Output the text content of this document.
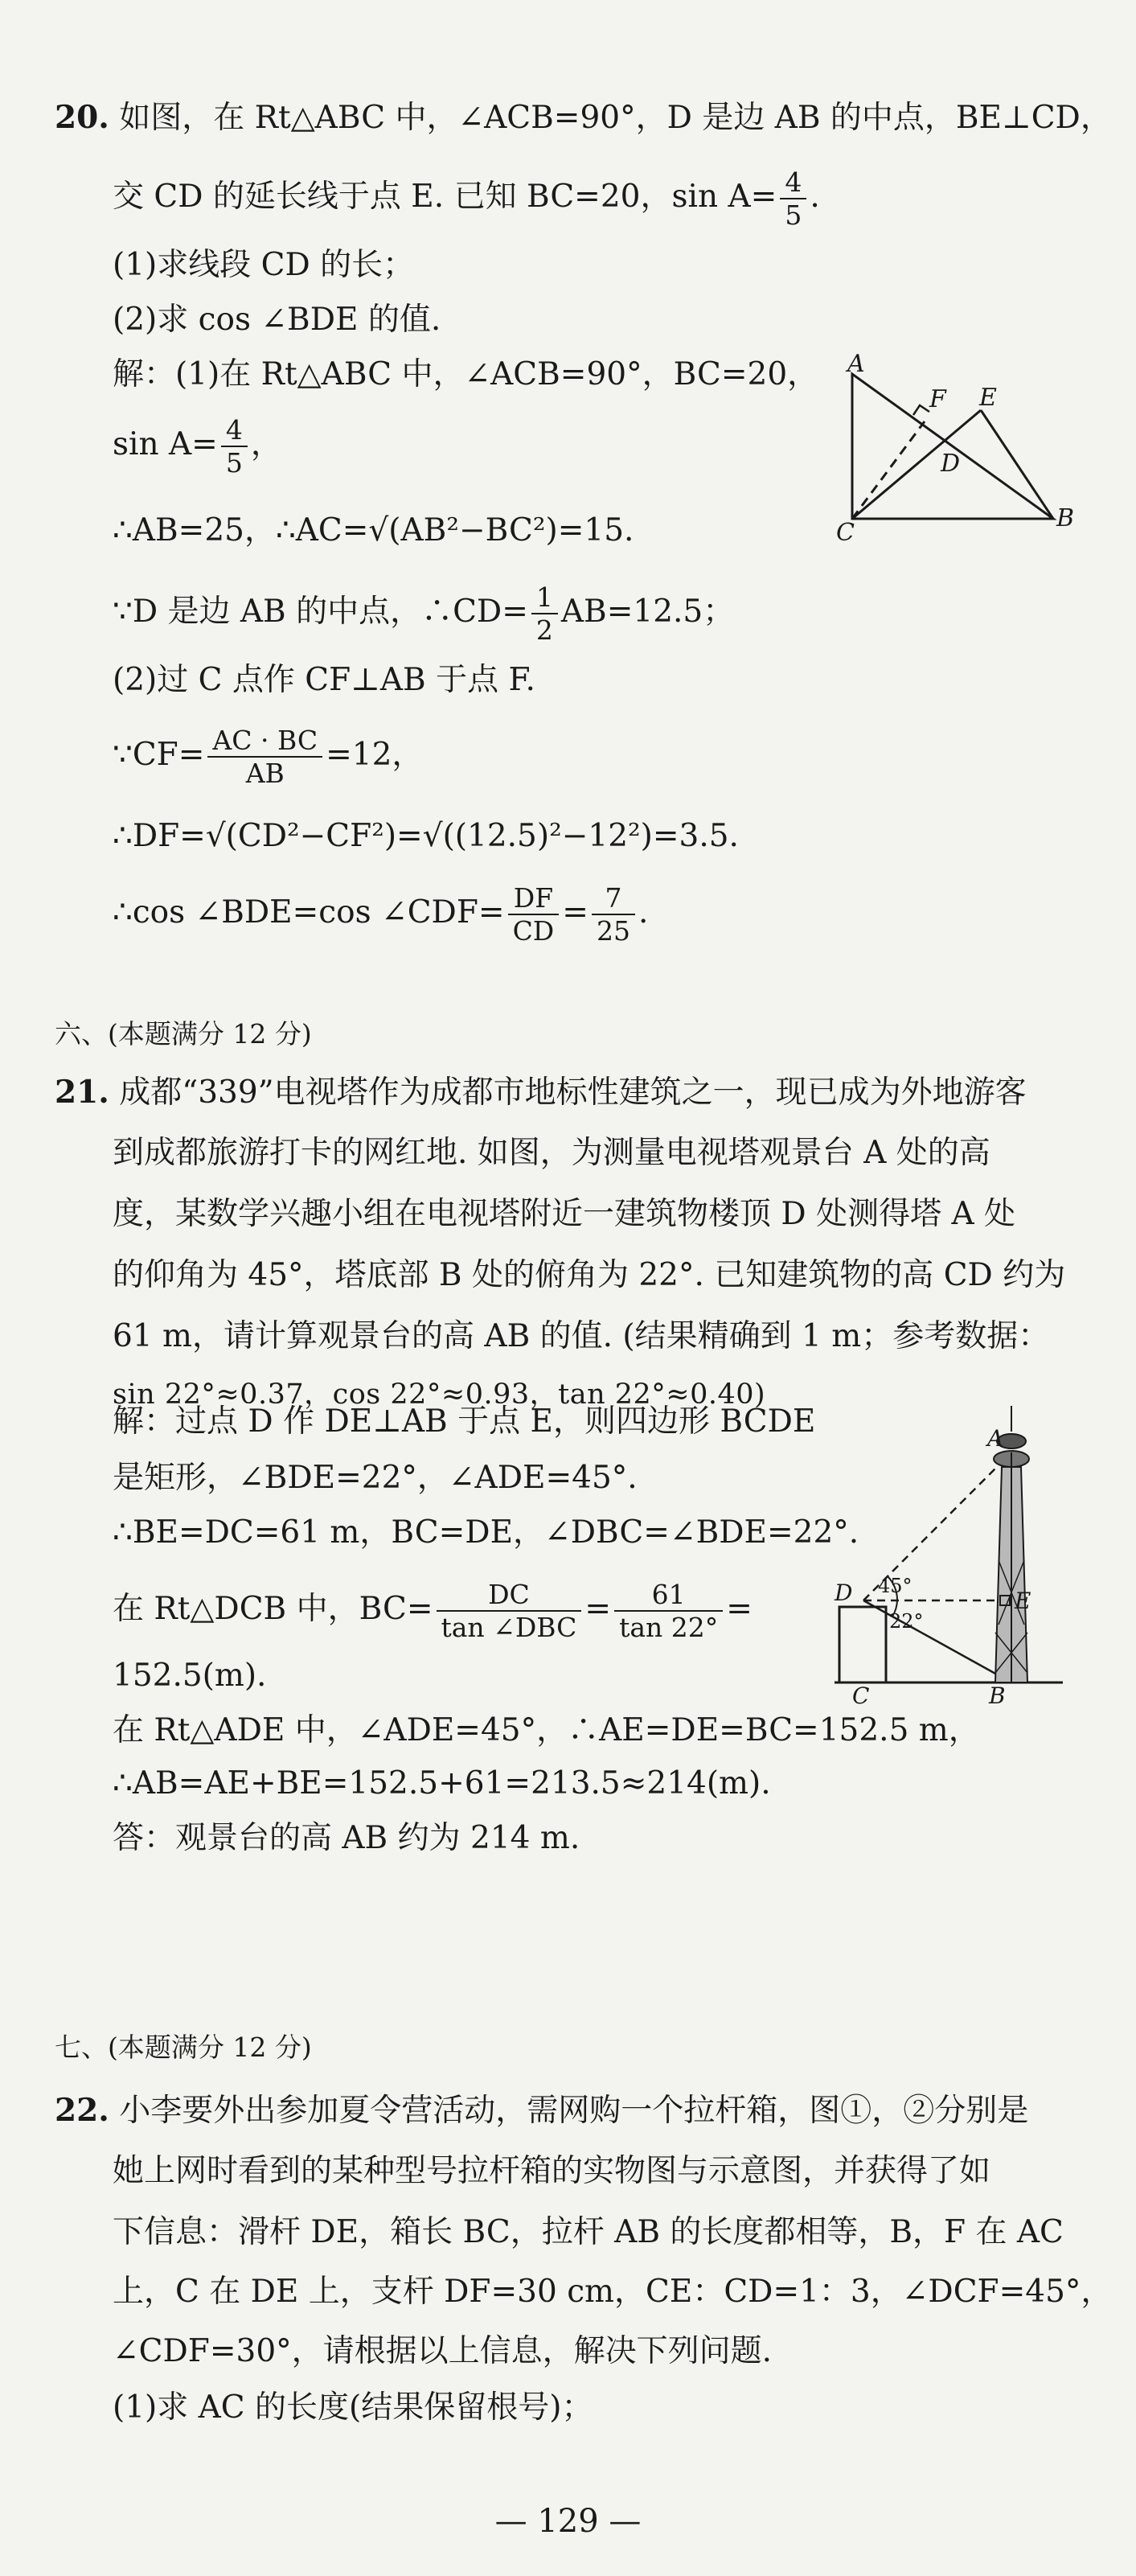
20. 如图，在 Rt△ABC 中，∠ACB=90°，D 是边 AB 的中点，BE⊥CD，
交 CD 的延长线于点 E. 已知 BC=20，$\sin A= \frac{4}{5}$ .
(1)求线段 CD 的长；
(2)求 cos ∠BDE 的值.
解：(1)在 Rt△ABC 中，∠ACB=90°，BC=20，
$\sin A= \frac{4}{5}$ ，
∴AB=25，∴AC=√(AB²−BC²)=15.
∵D 是边 AB 的中点，∴CD= $\frac{1}{2} AB=12.5$；
(2)过 C 点作 CF⊥AB 于点 F.
∵CF= $\frac{AC \cdot BC}{AB} =12$，
∴DF=√(CD²−CF²)=√((12.5)²−12²)=3.5.
∴cos ∠BDE=cos ∠CDF= $\frac{DF}{CD} = \frac{7}{25}$ .
A
F E
D
C
B
六、(本题满分 12 分)
21. 成都“339”电视塔作为成都市地标性建筑之一，现已成为外地游客
到成都旅游打卡的网红地. 如图，为测量电视塔观景台 A 处的高
度，某数学兴趣小组在电视塔附近一建筑物楼顶 D 处测得塔 A 处
的仰角为 45°，塔底部 B 处的俯角为 22°. 已知建筑物的高 CD 约为
61 m，请计算观景台的高 AB 的值. (结果精确到 1 m；参考数据：
sin 22°≈0.37，cos 22°≈0.93，tan 22°≈0.40)
解：过点 D 作 DE⊥AB 于点 E，则四边形 BCDE
是矩形，∠BDE=22°，∠ADE=45°.
∴BE=DC=61 m，BC=DE，∠DBC=∠BDE=22°.
在 Rt△DCB 中，$BC= \frac{DC}{\text{tan ∠DBC}} = \frac{61}{\tan 22^\circ}$ =
152.5(m).
在 Rt△ADE 中，∠ADE=45°，∴AE=DE=BC=152.5 m，
∴AB=AE+BE=152.5+61=213.5≈214(m).
答：观景台的高 AB 约为 214 m.
A
D	E
C	B
45°
22°
七、(本题满分 12 分)
22. 小李要外出参加夏令营活动，需网购一个拉杆箱，图①，②分别是
她上网时看到的某种型号拉杆箱的实物图与示意图，并获得了如
下信息：滑杆 DE，箱长 BC，拉杆 AB 的长度都相等，B，F 在 AC
上，C 在 DE 上，支杆 DF=30 cm，CE：CD=1：3，∠DCF=45°，
∠CDF=30°，请根据以上信息，解决下列问题.
(1)求 AC 的长度(结果保留根号)；
— 129 —
